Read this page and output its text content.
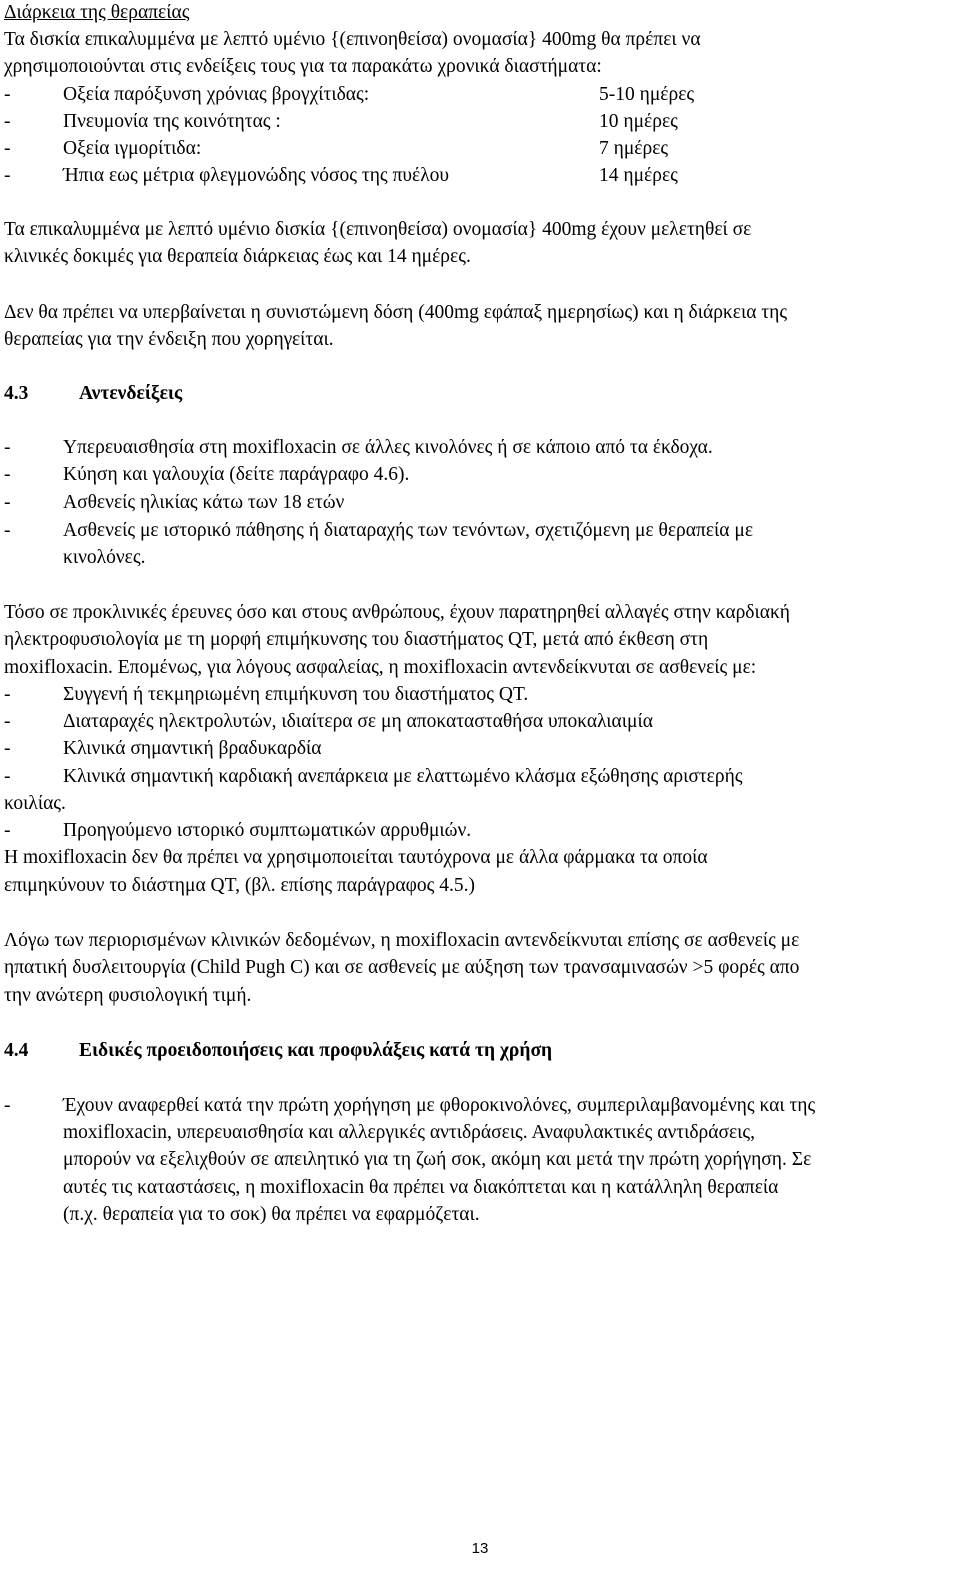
Διάρκεια της θεραπείας
Τα δισκία επικαλυμμένα με λεπτό υμένιο {(επινοηθείσα) ονομασία} 400mg θα πρέπει να
χρησιμοποιούνται στις ενδείξεις τους για τα παρακάτω χρονικά διαστήματα:
-	Οξεία παρόξυνση χρόνιας βρογχίτιδας:	5-10 ημέρες
-	Πνευμονία της κοινότητας :	10 ημέρες
-	Οξεία ιγμορίτιδα:	7 ημέρες
-	Ήπια εως μέτρια φλεγμονώδης νόσος της πυέλου	14 ημέρες
Τα επικαλυμμένα με λεπτό υμένιο δισκία {(επινοηθείσα) ονομασία} 400mg έχουν μελετηθεί σε
κλινικές δοκιμές για θεραπεία διάρκειας έως και 14 ημέρες.
Δεν θα πρέπει να υπερβαίνεται η συνιστώμενη δόση (400mg εφάπαξ ημερησίως) και η διάρκεια της
θεραπείας για την ένδειξη που χορηγείται.
4.3	Αντενδείξεις
-	Υπερευαισθησία στη moxifloxacin σε άλλες κινολόνες ή σε κάποιο από τα έκδοχα.
-	Κύηση και γαλουχία (δείτε παράγραφο 4.6).
-	Ασθενείς ηλικίας κάτω των 18 ετών
-	Ασθενείς με ιστορικό πάθησης ή διαταραχής των τενόντων, σχετιζόμενη με θεραπεία με
κινολόνες.
Τόσο σε προκλινικές έρευνες όσο και στους ανθρώπους, έχουν παρατηρηθεί αλλαγές στην καρδιακή
ηλεκτροφυσιολογία με τη μορφή επιμήκυνσης του διαστήματος QT, μετά από έκθεση στη
moxifloxacin. Επομένως, για λόγους ασφαλείας, η moxifloxacin αντενδείκνυται σε ασθενείς με:
-	Συγγενή ή τεκμηριωμένη επιμήκυνση του διαστήματος QT.
-	Διαταραχές ηλεκτρολυτών, ιδιαίτερα σε μη αποκατασταθήσα υποκαλιαιμία
-	Κλινικά σημαντική βραδυκαρδία
-	Κλινικά σημαντική καρδιακή ανεπάρκεια με ελαττωμένο κλάσμα εξώθησης αριστερής
κοιλίας.
-	Προηγούμενο ιστορικό συμπτωματικών αρρυθμιών.
Η moxifloxacin δεν θα πρέπει να χρησιμοποιείται ταυτόχρονα με άλλα φάρμακα τα οποία
επιμηκύνουν το διάστημα QT, (βλ. επίσης παράγραφος 4.5.)
Λόγω των περιορισμένων κλινικών δεδομένων, η moxifloxacin αντενδείκνυται επίσης σε ασθενείς με
ηπατική δυσλειτουργία (Child Pugh C) και σε ασθενείς με αύξηση των τρανσαμινασών >5 φορές απο
την ανώτερη φυσιολογική τιμή.
4.4	Ειδικές προειδοποιήσεις και προφυλάξεις κατά τη χρήση
-	Έχουν αναφερθεί κατά την πρώτη χορήγηση με φθοροκινολόνες, συμπεριλαμβανομένης και της
moxifloxacin, υπερευαισθησία και αλλεργικές αντιδράσεις. Αναφυλακτικές αντιδράσεις,
μπορούν να εξελιχθούν σε απειλητικό για τη ζωή σοκ, ακόμη και μετά την πρώτη χορήγηση. Σε
αυτές τις καταστάσεις, η moxifloxacin θα πρέπει να διακόπτεται και η κατάλληλη θεραπεία
(π.χ. θεραπεία για το σοκ) θα πρέπει να εφαρμόζεται.
13
